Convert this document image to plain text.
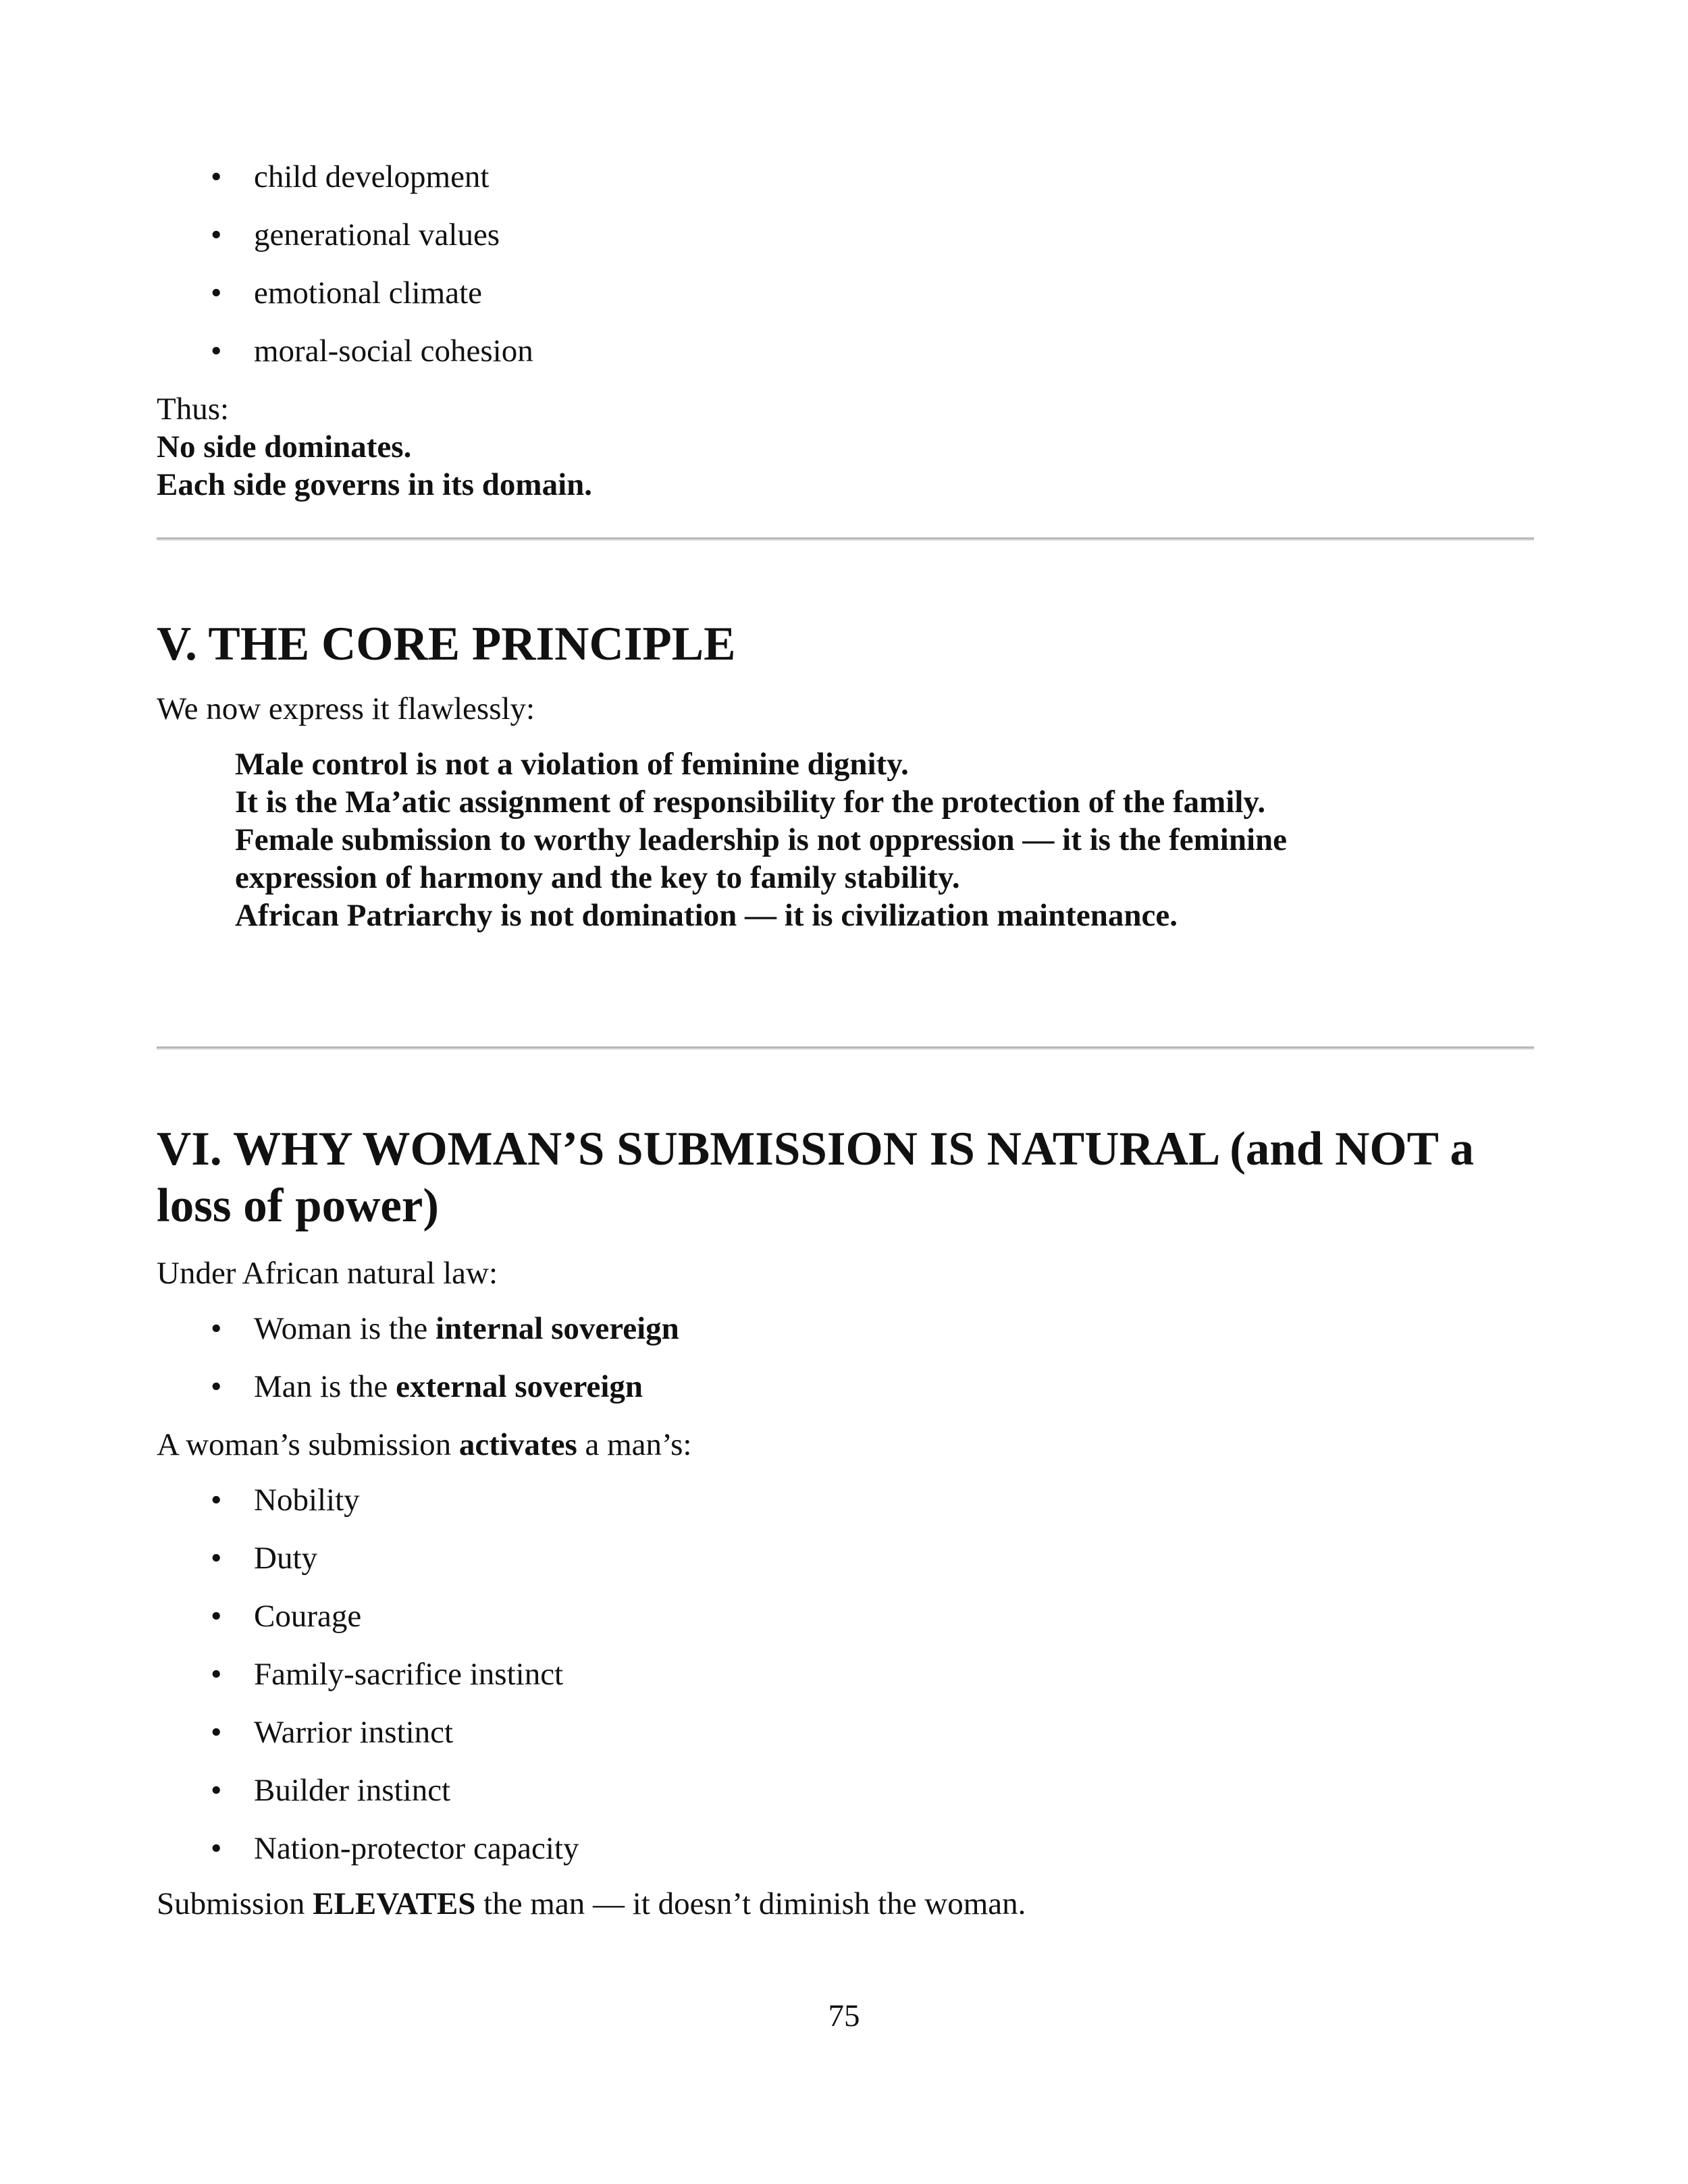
• child development
• generational values
• emotional climate
• moral-social cohesion
Thus:
No side dominates.
Each side governs in its domain.
V. THE CORE PRINCIPLE
We now express it flawlessly:
Male control is not a violation of feminine dignity.
It is the Ma’atic assignment of responsibility for the protection of the family.
Female submission to worthy leadership is not oppression — it is the feminine
expression of harmony and the key to family stability.
African Patriarchy is not domination — it is civilization maintenance.
VI. WHY WOMAN’S SUBMISSION IS NATURAL (and NOT a loss of power)
Under African natural law:
• Woman is the internal sovereign
• Man is the external sovereign
A woman’s submission activates a man’s:
• Nobility
• Duty
• Courage
• Family-sacrifice instinct
• Warrior instinct
• Builder instinct
• Nation-protector capacity
Submission ELEVATES the man — it doesn’t diminish the woman.
75
